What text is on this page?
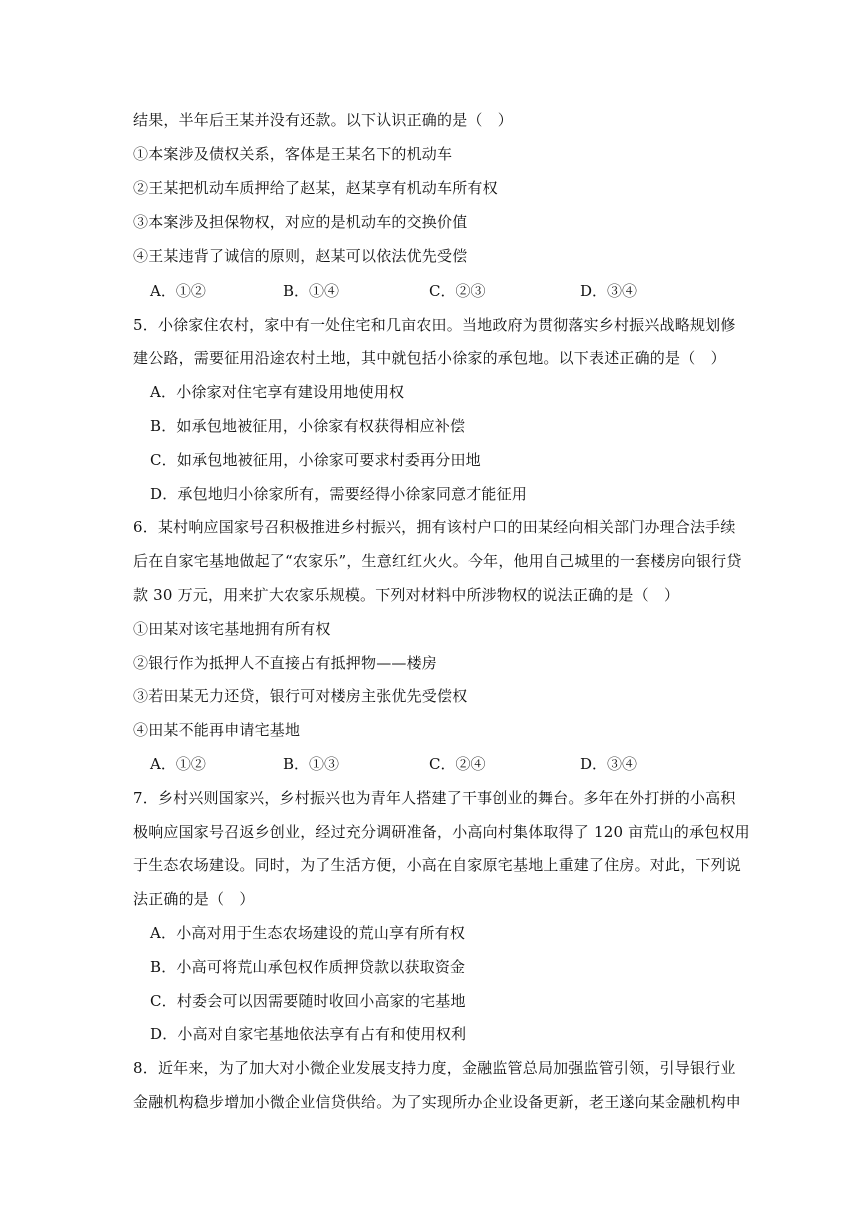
结果，半年后王某并没有还款。以下认识正确的是（　）
①本案涉及债权关系，客体是王某名下的机动车
②王某把机动车质押给了赵某，赵某享有机动车所有权
③本案涉及担保物权，对应的是机动车的交换价值
④王某违背了诚信的原则，赵某可以依法优先受偿
A．①②	B．①④	C．②③	D．③④
5．小徐家住农村，家中有一处住宅和几亩农田。当地政府为贯彻落实乡村振兴战略规划修
建公路，需要征用沿途农村土地，其中就包括小徐家的承包地。以下表述正确的是（　）
A．小徐家对住宅享有建设用地使用权
B．如承包地被征用，小徐家有权获得相应补偿
C．如承包地被征用，小徐家可要求村委再分田地
D．承包地归小徐家所有，需要经得小徐家同意才能征用
6．某村响应国家号召积极推进乡村振兴，拥有该村户口的田某经向相关部门办理合法手续
后在自家宅基地做起了“农家乐”，生意红红火火。今年，他用自己城里的一套楼房向银行贷
款 30 万元，用来扩大农家乐规模。下列对材料中所涉物权的说法正确的是（　）
①田某对该宅基地拥有所有权
②银行作为抵押人不直接占有抵押物——楼房
③若田某无力还贷，银行可对楼房主张优先受偿权
④田某不能再申请宅基地
A．①②	B．①③	C．②④	D．③④
7．乡村兴则国家兴，乡村振兴也为青年人搭建了干事创业的舞台。多年在外打拼的小高积
极响应国家号召返乡创业，经过充分调研准备，小高向村集体取得了 120 亩荒山的承包权用
于生态农场建设。同时，为了生活方便，小高在自家原宅基地上重建了住房。对此，下列说
法正确的是（　）
A．小高对用于生态农场建设的荒山享有所有权
B．小高可将荒山承包权作质押贷款以获取资金
C．村委会可以因需要随时收回小高家的宅基地
D．小高对自家宅基地依法享有占有和使用权利
8．近年来，为了加大对小微企业发展支持力度，金融监管总局加强监管引领，引导银行业
金融机构稳步增加小微企业信贷供给。为了实现所办企业设备更新，老王遂向某金融机构申
